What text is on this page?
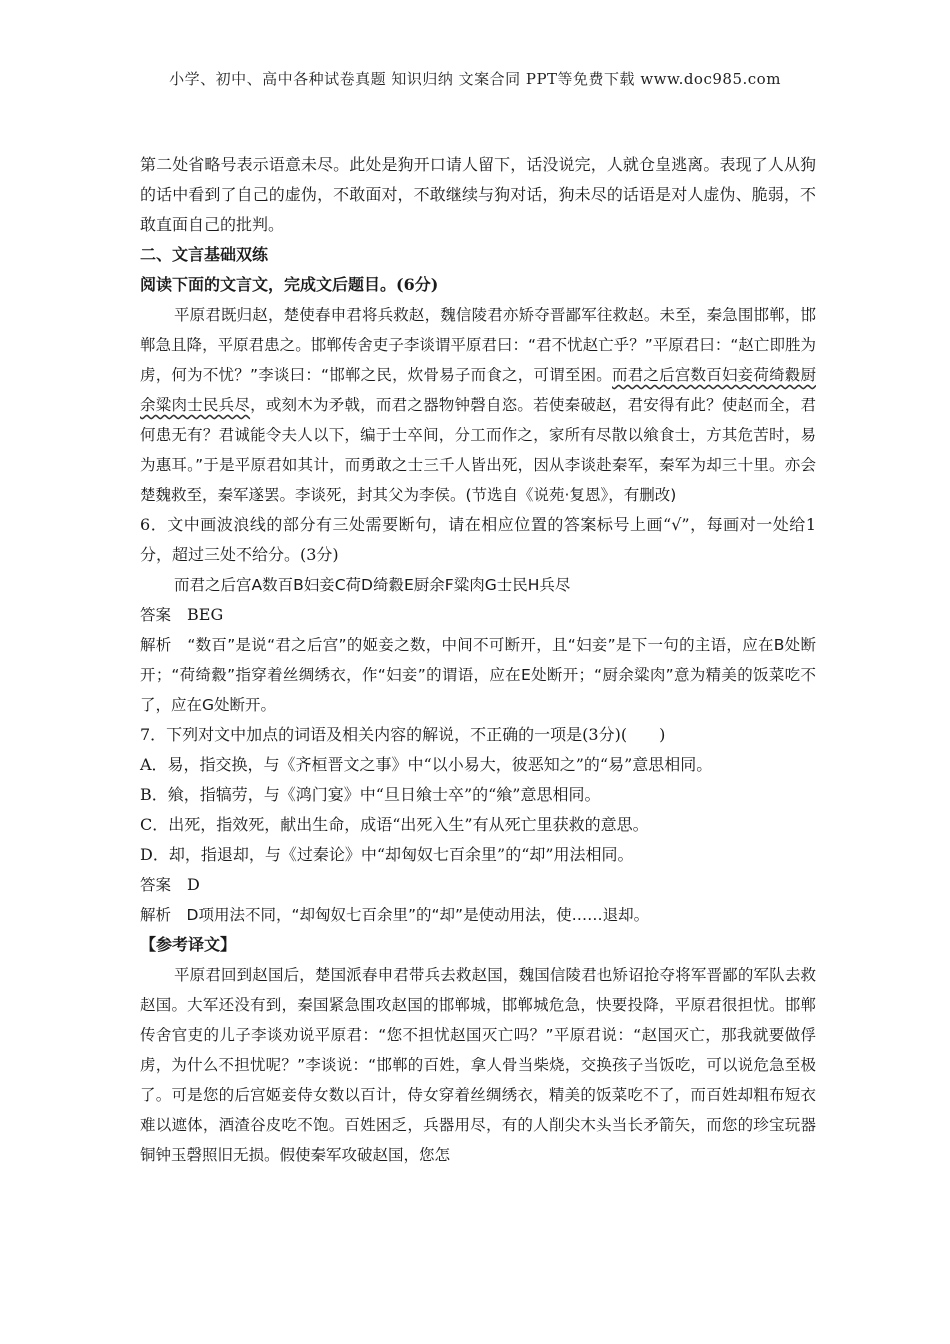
小学、初中、高中各种试卷真题 知识归纳 文案合同 PPT等免费下载 www.doc985.com

第二处省略号表示语意未尽。此处是狗开口请人留下，话没说完，人就仓皇逃离。表现了人从狗的话中看到了自己的虚伪，不敢面对，不敢继续与狗对话，狗未尽的话语是对人虚伪、脆弱，不敢直面自己的批判。

二、文言基础双练

阅读下面的文言文，完成文后题目。(6分)

平原君既归赵，楚使春申君将兵救赵，魏信陵君亦矫夺晋鄙军往救赵。未至，秦急围邯郸，邯郸急且降，平原君患之。邯郸传舍吏子李谈谓平原君曰：“君不忧赵亡乎？”平原君曰：“赵亡即胜为虏，何为不忧？”李谈曰：“邯郸之民，炊骨易子而食之，可谓至困。而君之后宫数百妇妾荷绮縠厨余粱肉士民兵尽，或刻木为矛戟，而君之器物钟磬自恣。若使秦破赵，君安得有此？使赵而全，君何患无有？君诚能令夫人以下，编于士卒间，分工而作之，家所有尽散以飨食士，方其危苦时，易为惠耳。”于是平原君如其计，而勇敢之士三千人皆出死，因从李谈赴秦军，秦军为却三十里。亦会楚魏救至，秦军遂罢。李谈死，封其父为李侯。(节选自《说苑·复恩》，有删改)

6．文中画波浪线的部分有三处需要断句，请在相应位置的答案标号上画“√”，每画对一处给1分，超过三处不给分。(3分)

而君之后宫A数百B妇妾C荷D绮縠E厨余F粱肉G士民H兵尽

答案　 BEG

解析　 “数百”是说“君之后宫”的姬妾之数，中间不可断开，且“妇妾”是下一句的主语，应在B处断开；“荷绮縠”指穿着丝绸绣衣，作“妇妾”的谓语，应在E处断开；“厨余粱肉”意为精美的饭菜吃不了，应在G处断开。

7．下列对文中加点的词语及相关内容的解说，不正确的一项是(3分)(　　)

A．易，指交换，与《齐桓晋文之事》中“以小易大，彼恶知之”的“易”意思相同。

B．飨，指犒劳，与《鸿门宴》中“旦日飨士卒”的“飨”意思相同。

C．出死，指效死，献出生命，成语“出死入生”有从死亡里获救的意思。

D．却，指退却，与《过秦论》中“却匈奴七百余里”的“却”用法相同。

答案　 D

解析　 D项用法不同，“却匈奴七百余里”的“却”是使动用法，使……退却。

【参考译文】

平原君回到赵国后，楚国派春申君带兵去救赵国，魏国信陵君也矫诏抢夺将军晋鄙的军队去救赵国。大军还没有到，秦国紧急围攻赵国的邯郸城，邯郸城危急，快要投降，平原君很担忧。邯郸传舍官吏的儿子李谈劝说平原君：“您不担忧赵国灭亡吗？”平原君说：“赵国灭亡，那我就要做俘虏，为什么不担忧呢？”李谈说：“邯郸的百姓，拿人骨当柴烧，交换孩子当饭吃，可以说危急至极了。可是您的后宫姬妾侍女数以百计，侍女穿着丝绸绣衣，精美的饭菜吃不了，而百姓却粗布短衣难以遮体，酒渣谷皮吃不饱。百姓困乏，兵器用尽，有的人削尖木头当长矛箭矢，而您的珍宝玩器铜钟玉磬照旧无损。假使秦军攻破赵国，您怎
